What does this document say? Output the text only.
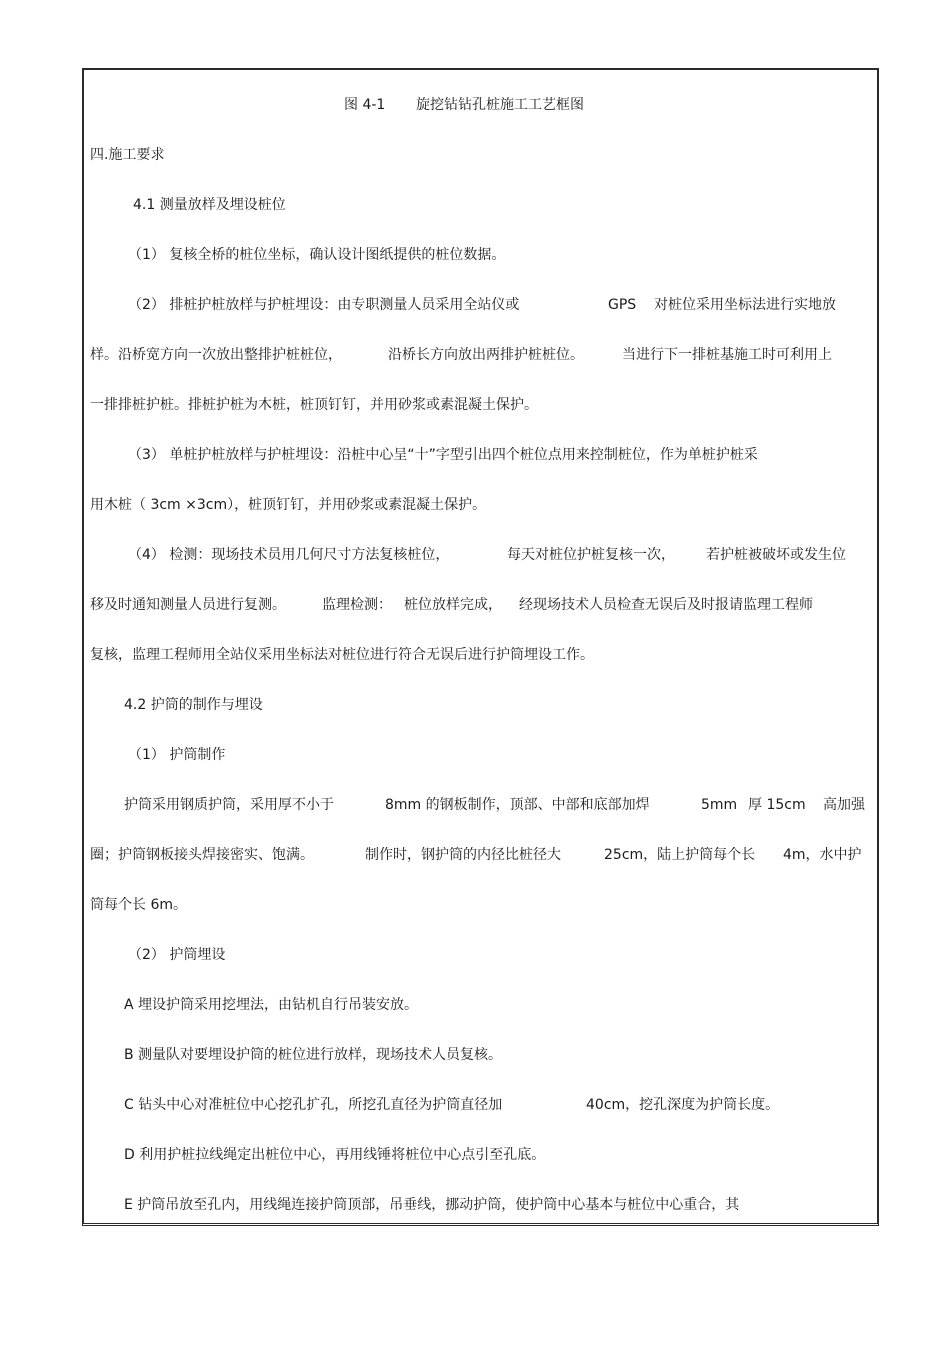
图 4-1 旋挖钻钻孔桩施工工艺框图
四.施工要求
4.1 测量放样及埋设桩位
（1） 复核全桥的桩位坐标，确认设计图纸提供的桩位数据。
（2） 排桩护桩放样与护桩埋设：由专职测量人员采用全站仪或	GPS 对桩位采用坐标法进行实地放
样。沿桥宽方向一次放出整排护桩桩位，	沿桥长方向放出两排护桩桩位。	当进行下一排桩基施工时可利用上
一排排桩护桩。排桩护桩为木桩，桩顶钉钉，并用砂浆或素混凝土保护。
（3） 单桩护桩放样与护桩埋设：沿桩中心呈“十”字型引出四个桩位点用来控制桩位，作为单桩护桩采
用木桩（ 3cm ×3cm），桩顶钉钉，并用砂浆或素混凝土保护。
（4） 检测：现场技术员用几何尺寸方法复核桩位，	每天对桩位护桩复核一次， 若护桩被破坏或发生位
移及时通知测量人员进行复测。	监理检测： 桩位放样完成， 经现场技术人员检查无误后及时报请监理工程师
复核，监理工程师用全站仪采用坐标法对桩位进行符合无误后进行护筒埋设工作。
4.2 护筒的制作与埋设
（1） 护筒制作
护筒采用钢质护筒，采用厚不小于	8mm 的钢板制作，顶部、中部和底部加焊	5mm 厚 15cm 高加强
圈；护筒钢板接头焊接密实、饱满。	制作时，钢护筒的内径比桩径大	25cm，陆上护筒每个长 4m，水中护
筒每个长 6m。
（2） 护筒埋设
A 埋设护筒采用挖埋法，由钻机自行吊装安放。
B 测量队对要埋设护筒的桩位进行放样，现场技术人员复核。
C 钻头中心对准桩位中心挖孔扩孔，所挖孔直径为护筒直径加	40cm，挖孔深度为护筒长度。
D 利用护桩拉线绳定出桩位中心，再用线锤将桩位中心点引至孔底。
E 护筒吊放至孔内，用线绳连接护筒顶部，吊垂线，挪动护筒，使护筒中心基本与桩位中心重合，其
